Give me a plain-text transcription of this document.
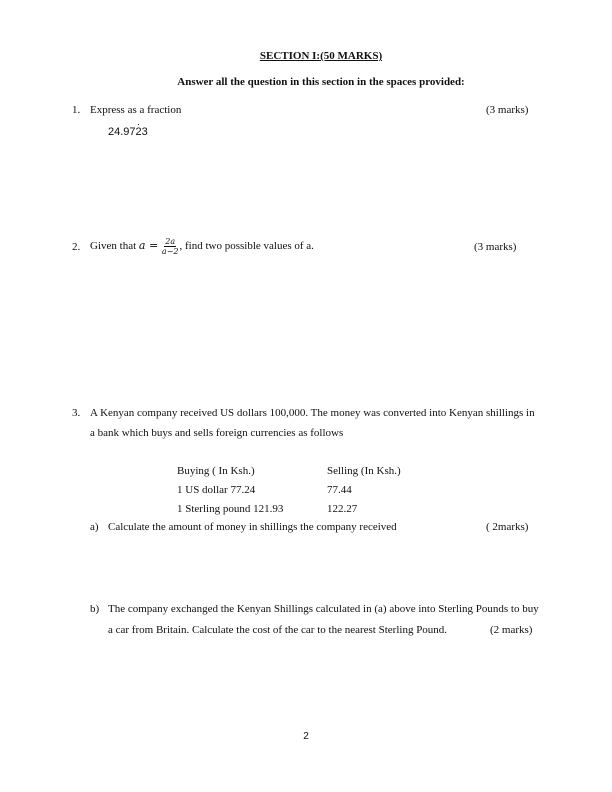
SECTION I:(50 MARKS)
Answer all the question in this section in the spaces provided:
1. Express as a fraction	(3 marks)
24.972 ·3
2. Given that $a = \frac{2a}{a-2}$ , find two possible values of a.	(3 marks)
3. A Kenyan company received US dollars 100,000. The money was converted into Kenyan shillings in
a bank which buys and sells foreign currencies as follows
Buying ( In Ksh.)	Selling (In Ksh.)
1 US dollar 77.24	77.44
1 Sterling pound 121.93	122.27
a) Calculate the amount of money in shillings the company received	( 2marks)
b) The company exchanged the Kenyan Shillings calculated in (a) above into Sterling Pounds to buy
a car from Britain. Calculate the cost of the car to the nearest Sterling Pound.	(2 marks)
2
